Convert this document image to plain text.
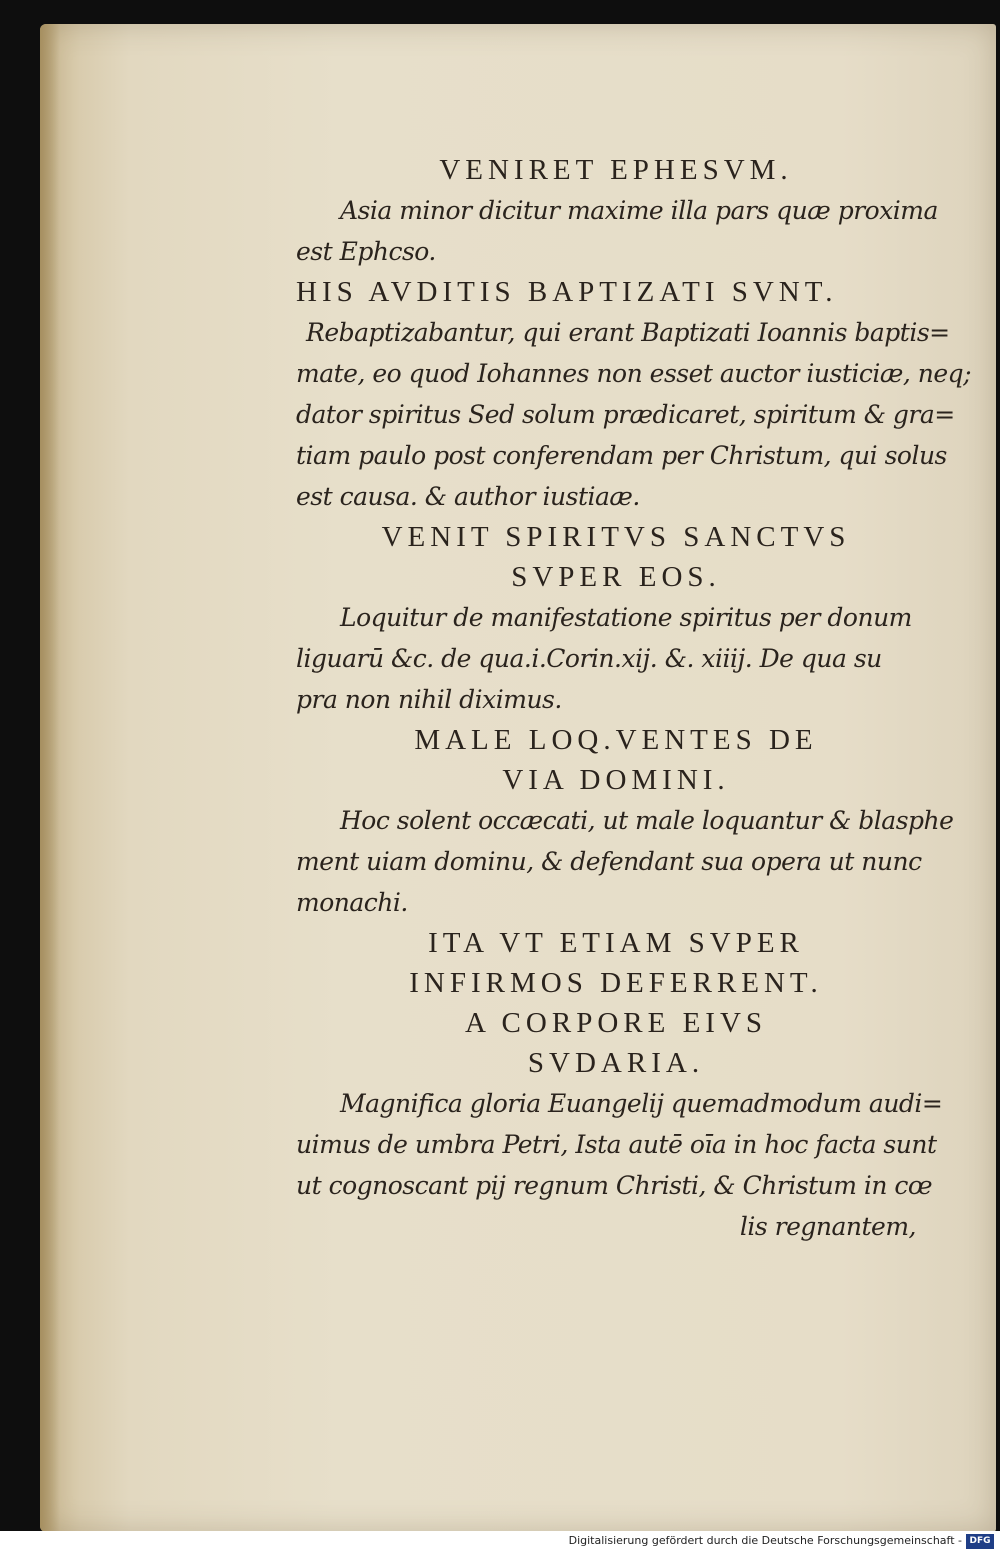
VENIRET EPHESVM.
Asia minor dicitur maxime illa pars quæ proxima
est Ephcso.
HIS AVDITIS BAPTIZATI SVNT.
Rebaptizabantur, qui erant Baptizati Ioannis baptis=
mate, eo quod Iohannes non esset auctor iusticiæ, neq;
dator spiritus Sed solum prædicaret, spiritum & gra=
tiam paulo post conferendam per Christum, qui solus
est causa. & author iustiaæ.
VENIT SPIRITVS SANCTVS
SVPER EOS.
Loquitur de manifestatione spiritus per donum
liguarū &c. de qua.i.Corin.xij. &. xiiij. De qua su
pra non nihil diximus.
MALE LOQ.VENTES DE
VIA DOMINI.
Hoc solent occæcati, ut male loquantur & blasphe
ment uiam dominu, & defendant sua opera ut nunc
monachi.
ITA VT ETIAM SVPER
INFIRMOS DEFERRENT.
A CORPORE EIVS
SVDARIA.
Magnifica gloria Euangelij quemadmodum audi=
uimus de umbra Petri, Ista autē oīa in hoc facta sunt
ut cognoscant pij regnum Christi, & Christum in cœ
lis regnantem,
Digitalisierung gefördert durch die Deutsche Forschungsgemeinschaft - DFG
